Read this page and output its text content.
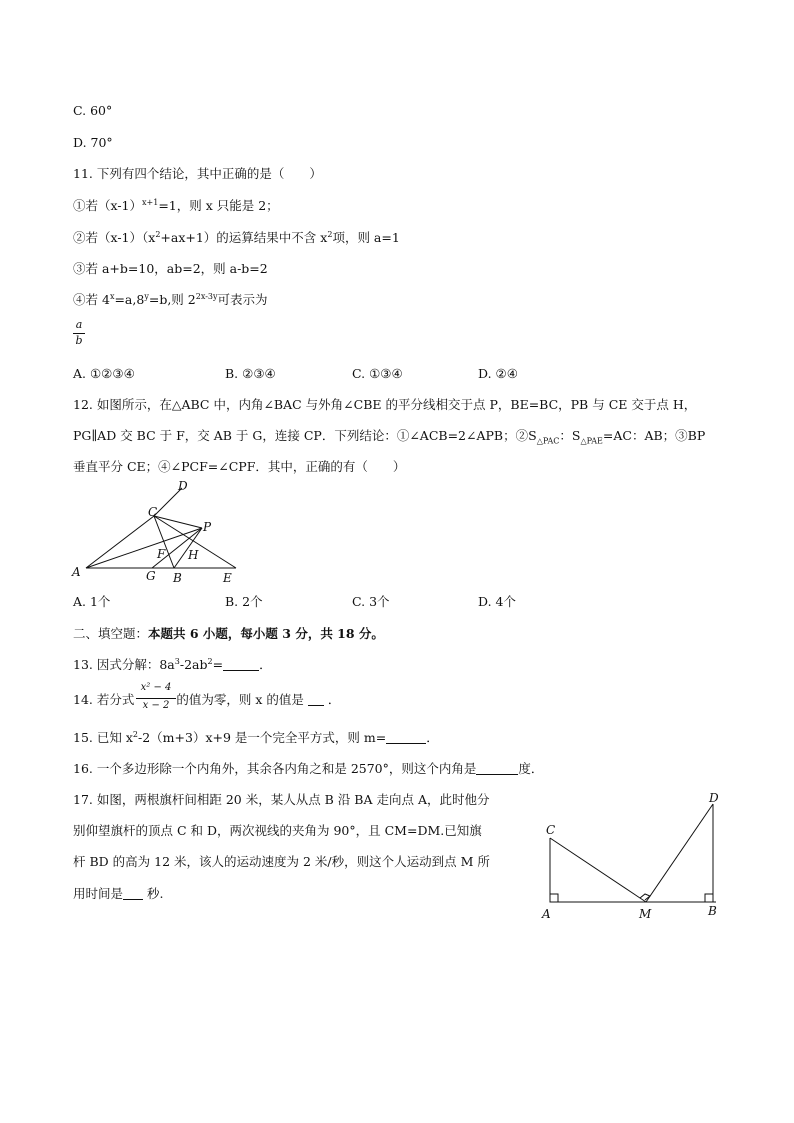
C. 60°
D. 70°
11. 下列有四个结论，其中正确的是（　　）
①若$(x-1)^{x+1}=1$，则 x 只能是 2；
②若$(x-1)(x^2+ax+1)$的运算结果中不含 $x^2$项，则 a=1
③若 a+b=10，ab=2，则 a-b=2
④若 $4^x=a,8^y=b$,则 $2^{2x-3y}$可表示为
a
b
A. ①②③④	B. ②③④	C. ①③④	D. ②④
12. 如图所示，在△ABC 中，内角∠BAC 与外角∠CBE 的平分线相交于点 P，BE=BC，PB 与 CE 交于点 H，
PG∥AD 交 BC 于 F，交 AB 于 G，连接 CP．下列结论：①∠ACB=2∠APB；$②S_{\triangle PAC}$：$S_{\triangle PAE}=AC$：AB；③BP
垂直平分 CE；④∠PCF=∠CPF．其中，正确的有（　　）
D
C
P
F H
A	G B	E
A. 1个	B. 2个	C. 3个	D. 4个
二、填空题：本题共 6 小题，每小题 3 分，共 18 分。
13. 因式分解：$8a^3-2ab^2=$	．
14. 若分式	的值为零，则 x 的值是 ．
x² − 4
x − 2
15. 已知 $x^2-2(m+3)x+9$ 是一个完全平方式，则 m=	．
16. 一个多边形除一个内角外，其余各内角之和是 2570°，则这个内角是	度．
17. 如图，两根旗杆间相距 20 米，某人从点 B 沿 BA 走向点 A，此时他分
别仰望旗杆的顶点 C 和 D，两次视线的夹角为 90°，且 CM=DM.已知旗
杆 BD 的高为 12 米，该人的运动速度为 2 米/秒，则这个人运动到点 M 所
用时间是 秒.
D
C
A	M	B
